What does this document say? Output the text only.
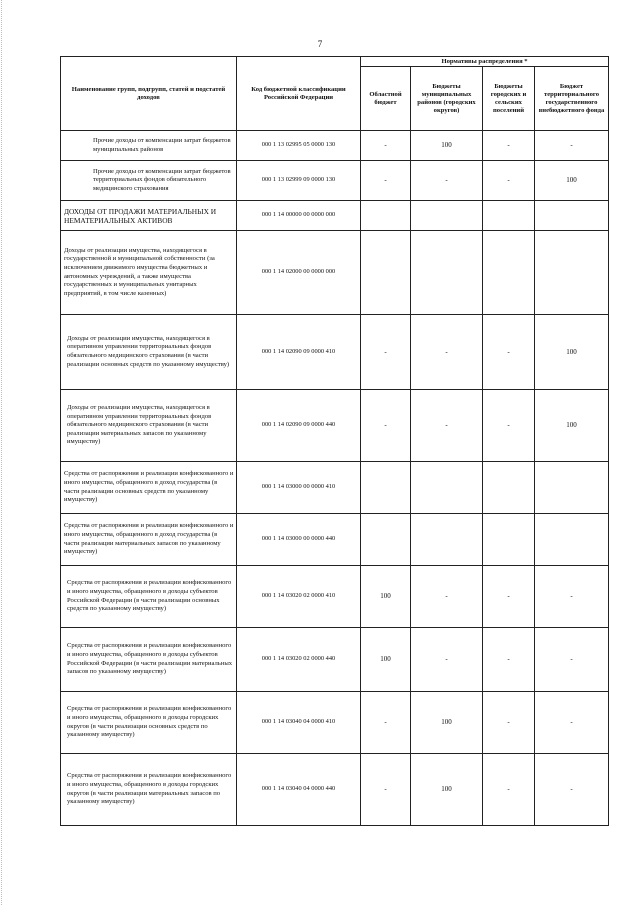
7
Наименование групп, подгрупп, статей и подстатей доходов	Код бюджетной классификации Российской Федерации	Нормативы распределения *			
		Областной бюджет	Бюджеты муниципальных районов (городских округов)	Бюджеты городских и сельских поселений	Бюджет территориального государственного внебюджетного фонда
Прочие доходы от компенсации затрат бюджетов муниципальных районов	000 1 13 02995 05 0000 130	-	100	-	-
Прочие доходы от компенсации затрат бюджетов территориальных фондов обязательного медицинского страхования	000 1 13 02999 09 0000 130	-	-	-	100
ДОХОДЫ ОТ ПРОДАЖИ МАТЕРИАЛЬНЫХ И НЕМАТЕРИАЛЬНЫХ АКТИВОВ	000 1 14 00000 00 0000 000				
Доходы от реализации имущества, находящегося в государственной и муниципальной собственности (за исключением движимого имущества бюджетных и автономных учреждений, а также имущества государственных и муниципальных унитарных предприятий, в том числе казенных)	000 1 14 02000 00 0000 000				
Доходы от реализации имущества, находящегося в оперативном управлении территориальных фондов обязательного медицинского страхования (в части реализации основных средств по указанному имуществу)	000 1 14 02090 09 0000 410	-	-	-	100
Доходы от реализации имущества, находящегося в оперативном управлении территориальных фондов обязательного медицинского страхования (в части реализации материальных запасов по указанному имуществу)	000 1 14 02090 09 0000 440	-	-	-	100
Средства от распоряжения и реализации конфискованного и иного имущества, обращенного в доход государства (в части реализации основных средств по указанному имуществу)	000 1 14 03000 00 0000 410				
Средства от распоряжения и реализации конфискованного и иного имущества, обращенного в доход государства (в части реализации материальных запасов по указанному имуществу)	000 1 14 03000 00 0000 440				
Средства от распоряжения и реализации конфискованного и иного имущества, обращенного в доходы субъектов Российской Федерации (в части реализации основных средств по указанному имуществу)	000 1 14 03020 02 0000 410	100	-	-	-
Средства от распоряжения и реализации конфискованного и иного имущества, обращенного в доходы субъектов Российской Федерации (в части реализации материальных запасов по указанному имуществу)	000 1 14 03020 02 0000 440	100	-	-	-
Средства от распоряжения и реализации конфискованного и иного имущества, обращенного в доходы городских округов (в части реализации основных средств по указанному имуществу)	000 1 14 03040 04 0000 410	-	100	-	-
Средства от распоряжения и реализации конфискованного и иного имущества, обращенного в доходы городских округов (в части реализации материальных запасов по указанному имуществу)	000 1 14 03040 04 0000 440	-	100	-	-
